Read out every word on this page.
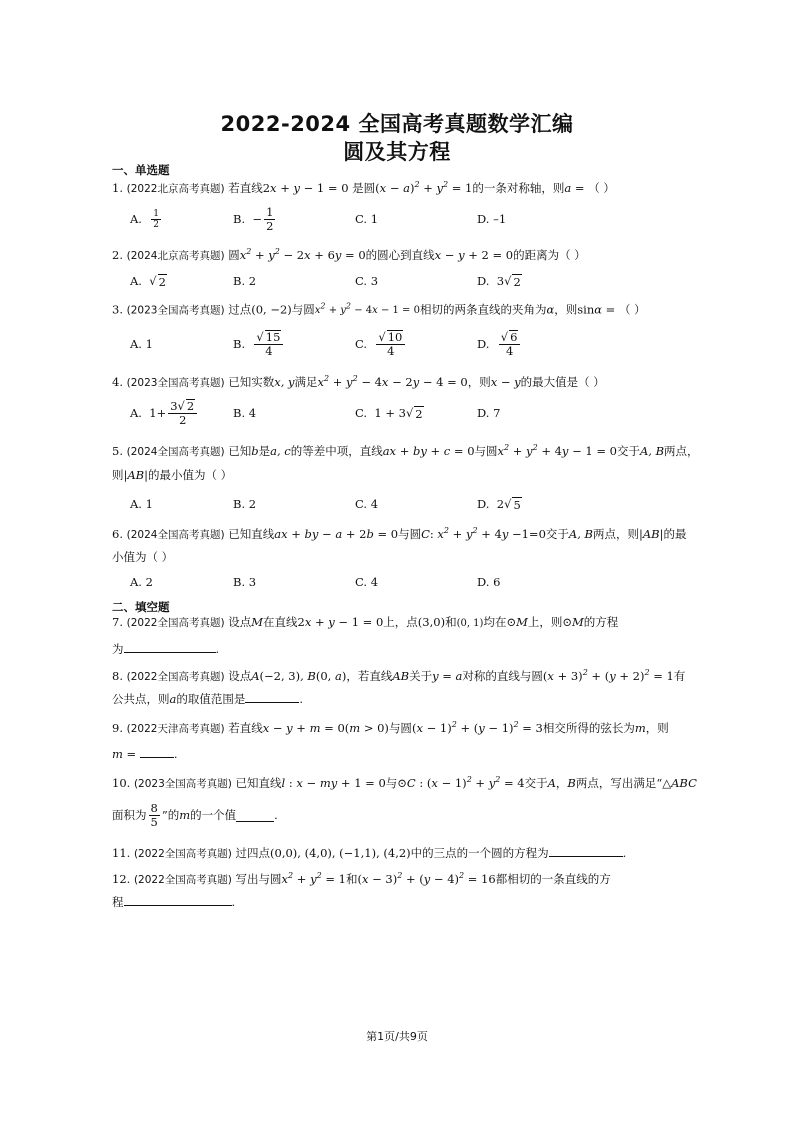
2022-2024 全国高考真题数学汇编
圆及其方程
一、单选题
1. (2022北京高考真题) 若直线2x + y − 1 = 0 是圆$(x - a)^2 + y^2 = 1$的一条对称轴，则a = （ ）
A.
$\frac{1}{2}$	B. − $\frac{1}{2}$	C. 1	D. –1
2. (2024北京高考真题) 圆$x^2 + y^2 - 2x + 6y = 0$的圆心到直线x − y + 2 = 0的距离为（ ）
A.
√ 2	B. 2	C. 3	D. 3 √ 2
3. (2023全国高考真题) 过点(0, −2)与圆$x^2 + y^2 - 4x - 1 = 0$相切的两条直线的夹角为α，则sinα = （ ）
A. 1	B.
$\frac{√ 15}{4}$	C.
$\frac{√ 10}{4}$	D.
$\frac{√ 6}{4}$
4. (2023全国高考真题) 已知实数x, y满足$x^2 + y^2 - 4x - 2y - 4 = 0$，则x − y的最大值是（ ）
A. $1+ \frac{3√ 2}{2}$	B. 4	C. 1 + 3 √ 2	D. 7
5. (2024全国高考真题) 已知b是a, c的等差中项，直线ax + by + c = 0与圆$x^2 + y^2 + 4y - 1 = 0$交于A, B两点，
则|AB|的最小值为（ ）
A. 1	B. 2	C. 4	D. 2 √ 5
6. (2024全国高考真题) 已知直线ax + by − a + 2b = 0与圆C: $x^2 + y^2 + 4y -1=0$交于A, B两点，则|AB|的最
小值为（ ）
A. 2	B. 3	C. 4	D. 6
二、填空题
7. (2022全国高考真题) 设点M在直线2x + y − 1 = 0上，点(3,0)和(0, 1)均在⊙M上，则⊙M的方程
为	.
8. (2022全国高考真题) 设点A(−2, 3), B(0, a)，若直线AB关于y = a对称的直线与圆$(x + 3)^2 + (y + 2)^2 = 1$有
公共点，则a的取值范围是	.
9. (2022天津高考真题) 若直线x − y + m = 0(m > 0)与圆$(x - 1)^2 + (y - 1)^2 = 3$相交所得的弦长为m，则
m =	.
10. (2023全国高考真题) 已知直线l : x − my + 1 = 0与⊙C : $(x - 1)^2 + y^2 = 4$交于A，B两点，写出满足“△ABC
面积为 $\frac{8}{5}$ ”的 m 的一个值	.
11. (2022全国高考真题) 过四点(0,0), (4,0), (−1,1), (4,2)中的三点的一个圆的方程为	.
12. (2022全国高考真题) 写出与圆$x^2 + y^2 = 1$和$(x - 3)^2 + (y - 4)^2 = 16$都相切的一条直线的方
程	.
第1页/共9页
